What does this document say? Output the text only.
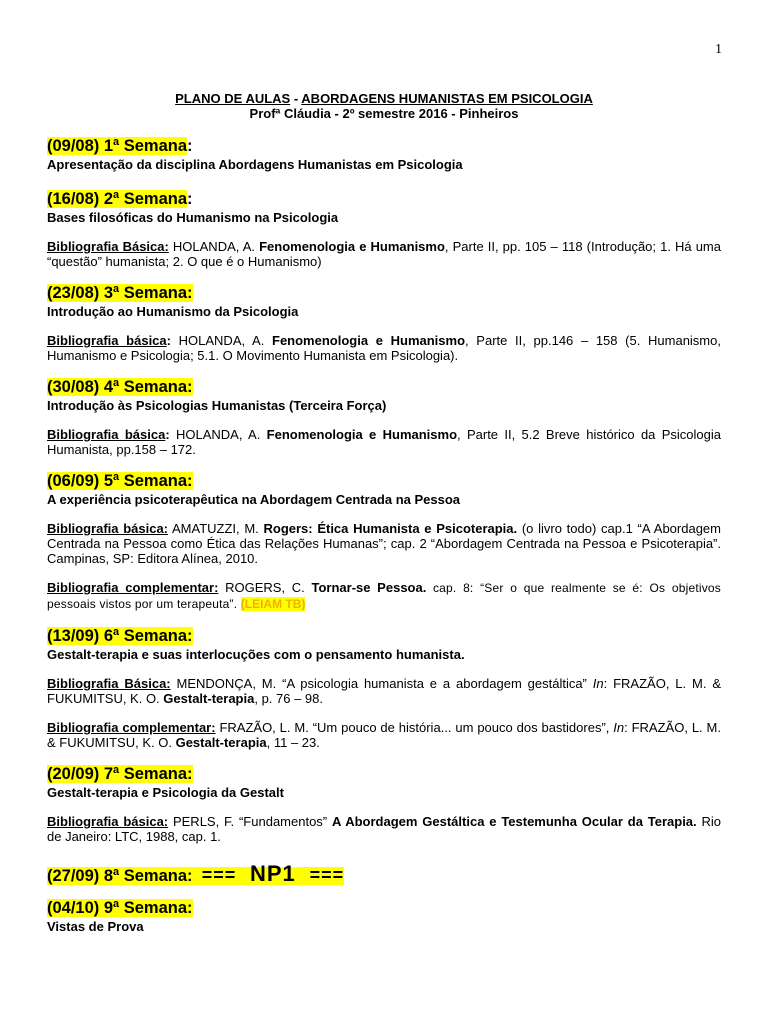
1
PLANO DE AULAS - ABORDAGENS HUMANISTAS EM PSICOLOGIA
Profª Cláudia - 2º semestre 2016 - Pinheiros
(09/08) 1ª Semana:
Apresentação da disciplina Abordagens Humanistas em Psicologia
(16/08) 2ª Semana:
Bases filosóficas do Humanismo na Psicologia
Bibliografia Básica: HOLANDA, A. Fenomenologia e Humanismo, Parte II, pp. 105 – 118 (Introdução; 1. Há uma “questão” humanista; 2. O que é o Humanismo)
(23/08) 3ª Semana:
Introdução ao Humanismo da Psicologia
Bibliografia básica: HOLANDA, A. Fenomenologia e Humanismo, Parte II, pp.146 – 158 (5. Humanismo, Humanismo e Psicologia; 5.1. O Movimento Humanista em Psicologia).
(30/08) 4ª Semana:
Introdução às Psicologias Humanistas (Terceira Força)
Bibliografia básica: HOLANDA, A. Fenomenologia e Humanismo, Parte II, 5.2 Breve histórico da Psicologia Humanista, pp.158 – 172.
(06/09) 5ª Semana:
A experiência psicoterapêutica na Abordagem Centrada na Pessoa
Bibliografia básica: AMATUZZI, M. Rogers: Ética Humanista e Psicoterapia. (o livro todo) cap.1 “A Abordagem Centrada na Pessoa como Ética das Relações Humanas”; cap. 2 “Abordagem Centrada na Pessoa e Psicoterapia”. Campinas, SP: Editora Alínea, 2010.
Bibliografia complementar: ROGERS, C. Tornar-se Pessoa. cap. 8: “Ser o que realmente se é: Os objetivos pessoais vistos por um terapeuta”. (LEIAM TB)
(13/09) 6ª Semana:
Gestalt-terapia e suas interlocuções com o pensamento humanista.
Bibliografia Básica: MENDONÇA, M. “A psicologia humanista e a abordagem gestáltica” In: FRAZÃO, L. M. & FUKUMITSU, K. O. Gestalt-terapia, p. 76 – 98.
Bibliografia complementar: FRAZÃO, L. M. “Um pouco de história... um pouco dos bastidores”, In: FRAZÃO, L. M. & FUKUMITSU, K. O. Gestalt-terapia, 11 – 23.
(20/09) 7ª Semana:
Gestalt-terapia e Psicologia da Gestalt
Bibliografia básica: PERLS, F. “Fundamentos” A Abordagem Gestáltica e Testemunha Ocular da Terapia. Rio de Janeiro: LTC, 1988, cap. 1.
(27/09) 8ª Semana: === NP1 ===
(04/10) 9ª Semana:
Vistas de Prova
